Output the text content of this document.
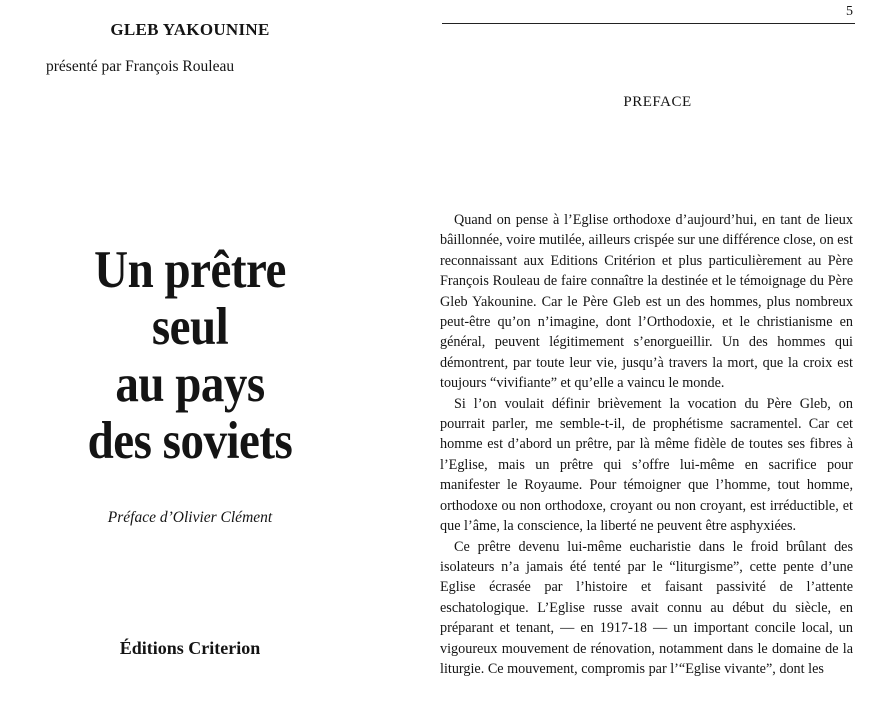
GLEB YAKOUNINE
présenté par François Rouleau
Un prêtre
seul
au pays
des soviets
Préface d’Olivier Clément
Éditions Criterion
5
PREFACE

Quand on pense à l’Eglise orthodoxe d’aujourd’hui, en tant de lieux bâillonnée, voire mutilée, ailleurs crispée sur une différence close, on est reconnaissant aux Editions Critérion et plus particulièrement au Père François Rouleau de faire connaître la destinée et le témoignage du Père Gleb Yakounine. Car le Père Gleb est un des hommes, plus nombreux peut-être qu’on n’imagine, dont l’Orthodoxie, et le christianisme en général, peuvent légitimement s’enorgueillir. Un des hommes qui démontrent, par toute leur vie, jusqu’à travers la mort, que la croix est toujours “vivifiante” et qu’elle a vaincu le monde.

Si l’on voulait définir brièvement la vocation du Père Gleb, on pourrait parler, me semble-t-il, de prophétisme sacramentel. Car cet homme est d’abord un prêtre, par là même fidèle de toutes ses fibres à l’Eglise, mais un prêtre qui s’offre lui-même en sacrifice pour manifester le Royaume. Pour témoigner que l’homme, tout homme, orthodoxe ou non orthodoxe, croyant ou non croyant, est irréductible, et que l’âme, la conscience, la liberté ne peuvent être asphyxiées.

Ce prêtre devenu lui-même eucharistie dans le froid brûlant des isolateurs n’a jamais été tenté par le “liturgisme”, cette pente d’une Eglise écrasée par l’histoire et faisant passivité de l’attente eschatologique. L’Eglise russe avait connu au début du siècle, en préparant et tenant, — en 1917-18 — un important concile local, un vigoureux mouvement de rénovation, notamment dans le domaine de la liturgie. Ce mouvement, compromis par l’“Eglise vivante”, dont les
